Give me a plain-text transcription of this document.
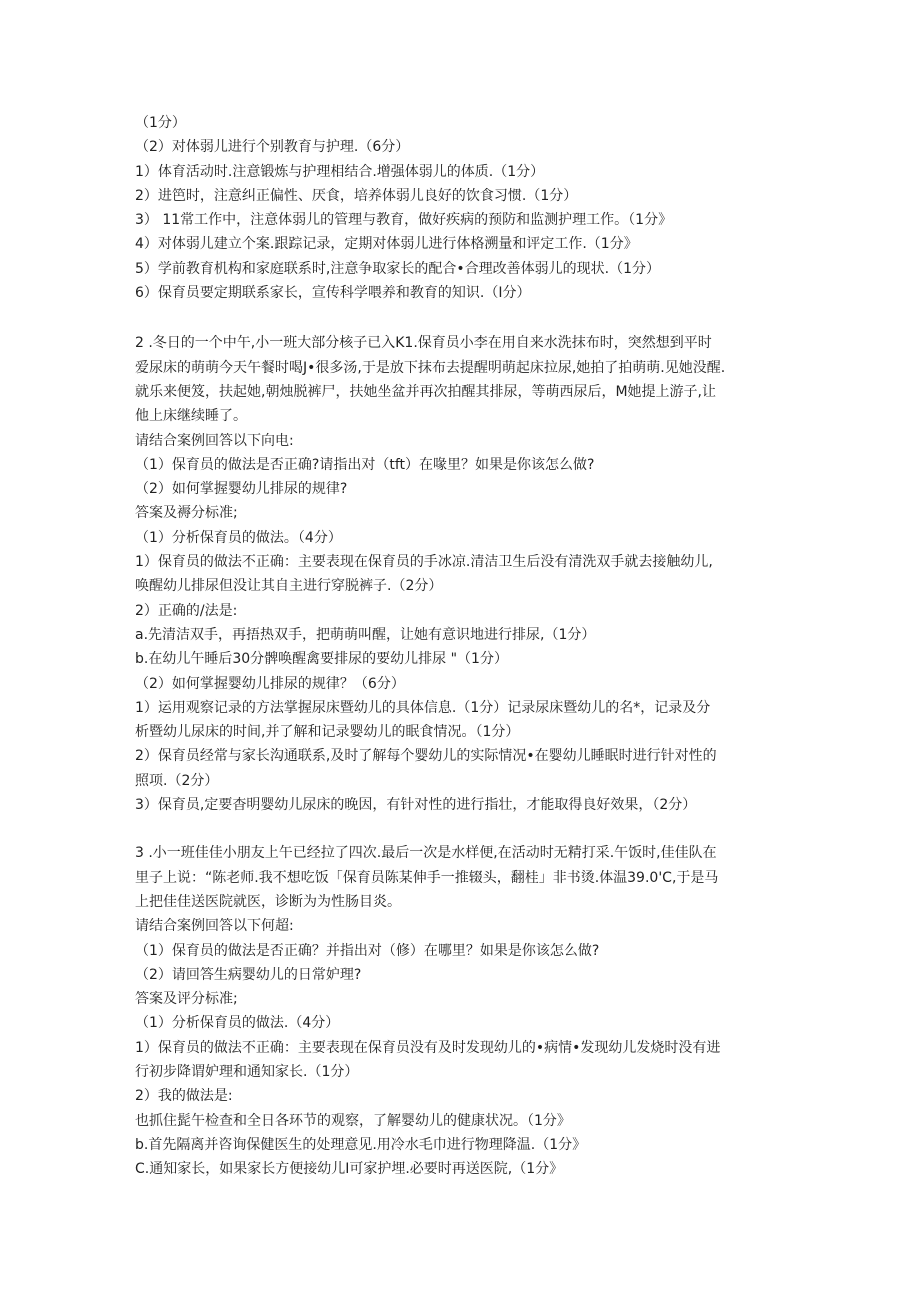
（1分）
（2）对体弱儿进行个别教育与护理.（6分）
1）体育活动时.注意锻炼与护理相结合.增强体弱儿的体质.（1分）
2）进笆时，注意纠正偏性、厌食，培养体弱儿良好的饮食习惯.（1分）
3） 11常工作中，注意体弱儿的管理与教育，做好疾病的预防和监测护理工作。（1分》
4）对体弱儿建立个案.跟踪记录，定期对体弱儿进行体格溯量和评定工作.（1分》
5）学前教育机构和家庭联系时,注意争取家长的配合•合理改善体弱儿的现状.（1分）
6）保育员要定期联系家长，宣传科学喂养和教育的知识.（I分）
2 .冬日的一个中午,小一班大部分核子已入K1.保育员小李在用自来水洗抹布时，突然想到平时
爱尿床的萌萌今天午餐时喝J•很多汤,于是放下抹布去提醒明萌起床拉尿,她拍了拍萌萌.见她没醒.
就乐来便笈，扶起她,朝烛脱裤尸，扶她坐盆并再次拍醒其排尿，等萌西尿后，M她提上游子,让
他上床继续睡了。
请结合案例回答以下向电:
（1）保育员的做法是否正确?请指出对（tft）在喙里？如果是你该怎么做?
（2）如何掌握婴幼儿排尿的规律?
答案及褥分标准;
（1）分析保育员的做法。（4分）
1）保育员的做法不正确：主要表现在保育员的手冰凉.清洁卫生后没有清洗双手就去接触幼儿,
唤醒幼儿排尿但没让其自主进行穿脱裤子.（2分）
2）正确的/法是:
a.先清洁双手，再捂热双手，把萌萌叫醒，让她有意识地进行排尿,（1分）
b.在幼儿午睡后30分髀唤醒禽要排尿的要幼儿排尿 "（1分）
（2）如何掌握婴幼儿排尿的规律？（6分）
1）运用观察记录的方法掌握尿床暨幼儿的具体信息.（1分）记录尿床暨幼儿的名*，记录及分
析暨幼儿尿床的时间,并了解和记录婴幼儿的眠食情况。（1分）
2）保育员经常与家长沟通联系,及时了解每个婴幼儿的实际情况•在婴幼儿睡眠时进行针对性的
照项.（2分）
3）保育员,定要杳明婴幼儿尿床的晚因，有针对性的进行指壮，才能取得良好效果，（2分）
3 .小一班佳佳小朋友上午已经拉了四次.最后一次是水样便,在活动时无精打采.午饭时,佳佳队在
里子上说：“陈老师.我不想吃饭「保育员陈某伸手一推辍头，翻桂」非书烫.体温39.0'C,于是马
上把佳佳送医院就医，诊断为为性肠目炎。
请结合案例回答以下何超:
（1）保育员的做法是否正确？并指出对（修）在哪里？如果是你该怎么做?
（2）请回答生病婴幼儿的日常妒理?
答案及评分标准;
（1）分析保育员的做法.（4分）
1）保育员的做法不正确：主要表现在保育员没有及时发现幼儿的•病情•发现幼儿发烧时没有进
行初步降谓妒理和通知家长.（1分）
2）我的做法是:
也抓住髭午检查和全日各环节的观察，了解婴幼儿的健康状况。（1分》
b.首先隔离并咨询保健医生的处理意见.用冷水毛巾进行物理降温.（1分》
C.通知家长，如果家长方便接幼儿I可家护埋.必要时再送医院,（1分》
